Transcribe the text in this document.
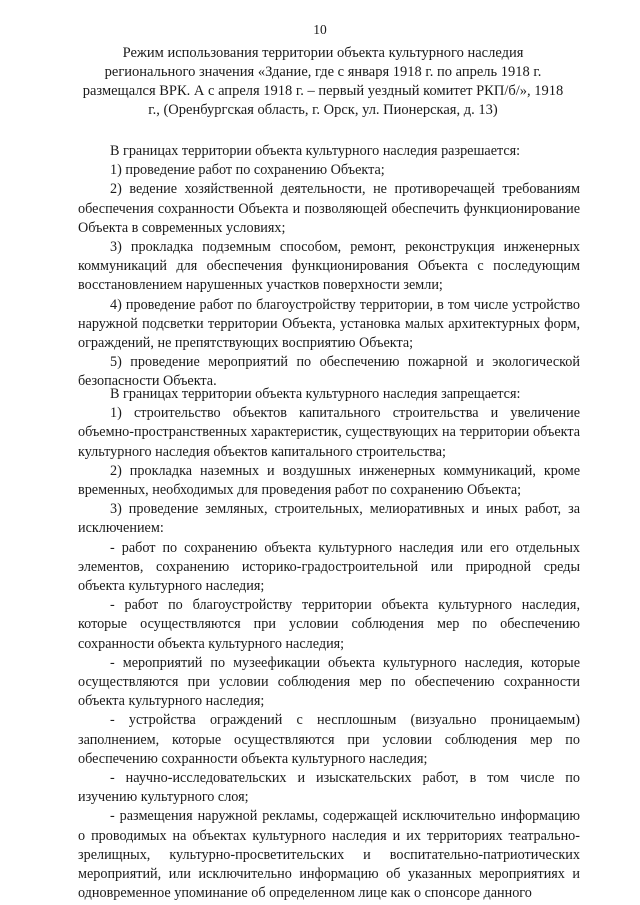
10
Режим использования территории объекта культурного наследия регионального значения «Здание, где с января 1918 г. по апрель 1918 г. размещался ВРК. А с апреля 1918 г. – первый уездный комитет РКП/б/», 1918 г., (Оренбургская область, г. Орск, ул. Пионерская, д. 13)

В границах территории объекта культурного наследия разрешается:

1) проведение работ по сохранению Объекта;

2) ведение хозяйственной деятельности, не противоречащей требованиям обеспечения сохранности Объекта и позволяющей обеспечить функционирование Объекта в современных условиях;

3) прокладка подземным способом, ремонт, реконструкция инженерных коммуникаций для обеспечения функционирования Объекта с последующим восстановлением нарушенных участков поверхности земли;

4) проведение работ по благоустройству территории, в том числе устройство наружной подсветки территории Объекта, установка малых архитектурных форм, ограждений, не препятствующих восприятию Объекта;

5) проведение мероприятий по обеспечению пожарной и экологической безопасности Объекта.

В границах территории объекта культурного наследия запрещается:

1) строительство объектов капитального строительства и увеличение объемно-пространственных характеристик, существующих на территории объекта культурного наследия объектов капитального строительства;

2) прокладка наземных и воздушных инженерных коммуникаций, кроме временных, необходимых для проведения работ по сохранению Объекта;

3) проведение земляных, строительных, мелиоративных и иных работ, за исключением:

- работ по сохранению объекта культурного наследия или его отдельных элементов, сохранению историко-градостроительной или природной среды объекта культурного наследия;

- работ по благоустройству территории объекта культурного наследия, которые осуществляются при условии соблюдения мер по обеспечению сохранности объекта культурного наследия;

- мероприятий по музеефикации объекта культурного наследия, которые осуществляются при условии соблюдения мер по обеспечению сохранности объекта культурного наследия;

- устройства ограждений с несплошным (визуально проницаемым) заполнением, которые осуществляются при условии соблюдения мер по обеспечению сохранности объекта культурного наследия;

- научно-исследовательских и изыскательских работ, в том числе по изучению культурного слоя;

- размещения наружной рекламы, содержащей исключительно информацию о проводимых на объектах культурного наследия и их территориях театрально-зрелищных, культурно-просветительских и воспитательно-патриотических мероприятий, или исключительно информацию об указанных мероприятиях и одновременное упоминание об определенном лице как о спонсоре данного
